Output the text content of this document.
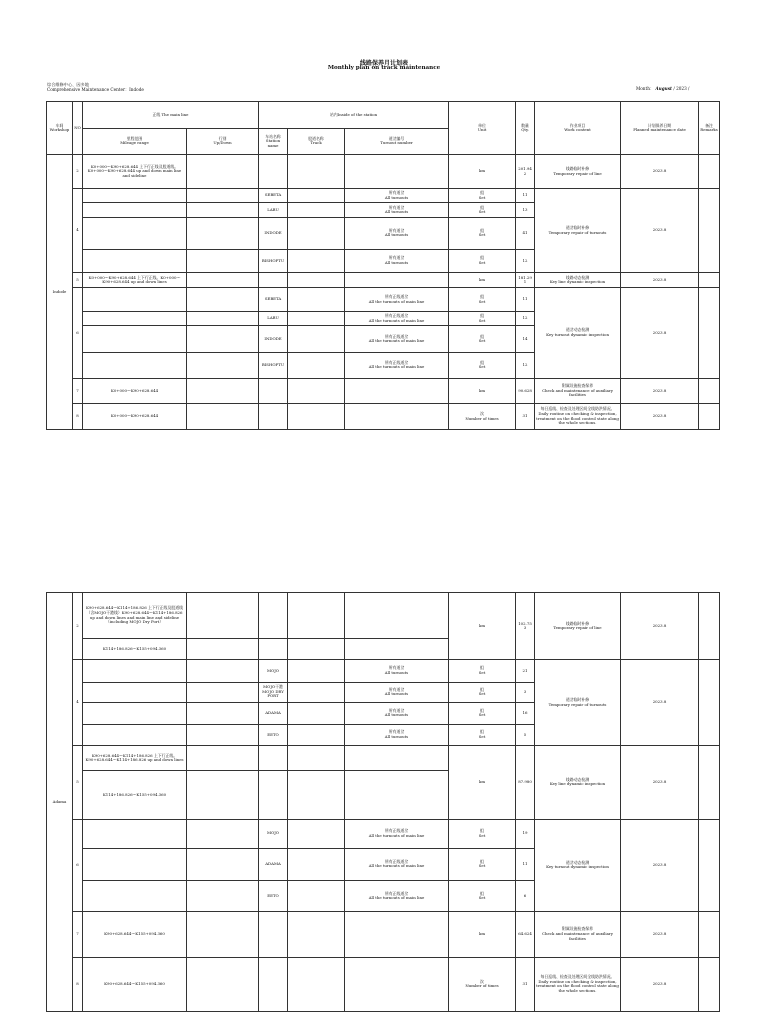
线路保养月计划表
Monthly plan on track maintenance
综合维修中心、因多地
Comprehensive Maintenance Center：Indode	Month： August / 2023 /
车间
Workshop	NO	正线 The main line		站内Inside of the station			单位
Unit	数量
Qty.	作业项目
Work content	计划保养日期
Planned maintenance date	备注
Remarks
		里程范围
Mileage range	行别
Up/Down	车站名称
Station name	股道名称
Track	道岔编号
Turnout number					
Indode	2	K0+000～K90+628.644 上下行正线及股道线。K0+000～K90+628.644 up and down main line and sideline					km	201.942	线路临时补修
Temporary repair of line	2023.8	
	4			SEBETA		所有道岔
All turnouts	组
Set	11	道岔临时补修
Temporary repair of turnouts	2023.8	
				LABU		所有道岔
All turnouts	组
Set	13			
				INDODE		所有道岔
All turnouts	组
Set	41			
				BISHOFTU		所有道岔
All turnouts	组
Set	12			
	5	K0+000～K90+628.644 上下行正线。K0+000～K90+628.644 up and down lines					km	181.291	线路动态检测
Key line dynamic inspection	2023.8	
	6			SEBETA		所有正线道岔
All the turnouts of main line	组
Set	11	道岔动态检测
Key turnout dynamic inspection	2023.8	
				LABU		所有正线道岔
All the turnouts of main line	组
Set	12			
				INDODE		所有正线道岔
All the turnouts of main line	组
Set	14			
				BISHOFTU		所有正线道岔
All the turnouts of main line	组
Set	12			
	7	K0+000～K90+628.644					km	90.628	附属设施检查保养
Check and maintenance of auxiliary facilities	2023.8	
	8	K0+000～K90+628.644					次
Number of times	31	每日巡线、检查及处理区间全线防洪情况。
Daily routine on checking & inspection, treatment on the flood control state along the whole sections.	2023.8	
Adama	2	K90+628.644～K114+186.826 上下行正线及股道线（含MOJO干港线）K90+628.644～K114+186.826 up and down lines and main line and sideline（including MOJO Dry Port）					km	102.753	线路临时补修
Temporary repair of line	2023.8	
		K114+186.826～K155+094.360									
	4			MOJO		所有道岔
All turnouts	组
Set	21	道岔临时补修
Temporary repair of turnouts	2023.8	
				MOJO干港
MOJO DRY PORT		所有道岔
All turnouts	组
Set	3			
				ADAMA		所有道岔
All turnouts	组
Set	16			
				EETO		所有道岔
All turnouts	组
Set	5			
	5	K90+628.644～K114+186.826 上下行正线。K90+628.644～K114+186.826 up and down lines					km	87.980	线路动态检测
Key line dynamic inspection	2023.8	
		K114+186.826～K155+094.360									
	6			MOJO		所有正线道岔
All the turnouts of main line	组
Set	19	道岔动态检测
Key turnout dynamic inspection	2023.8	
				ADAMA		所有正线道岔
All the turnouts of main line	组
Set	11			
				EETO		所有正线道岔
All the turnouts of main line	组
Set	6			
	7	K90+628.644～K155+094.360					km	64.624	附属设施检查保养
Check and maintenance of auxiliary facilities	2023.8	
	8	K90+628.644～K155+094.360					次
Number of times	31	每日巡线、检查及处理区间全线防洪情况。
Daily routine on checking & inspection, treatment on the flood control state along the whole sections.	2023.8	
